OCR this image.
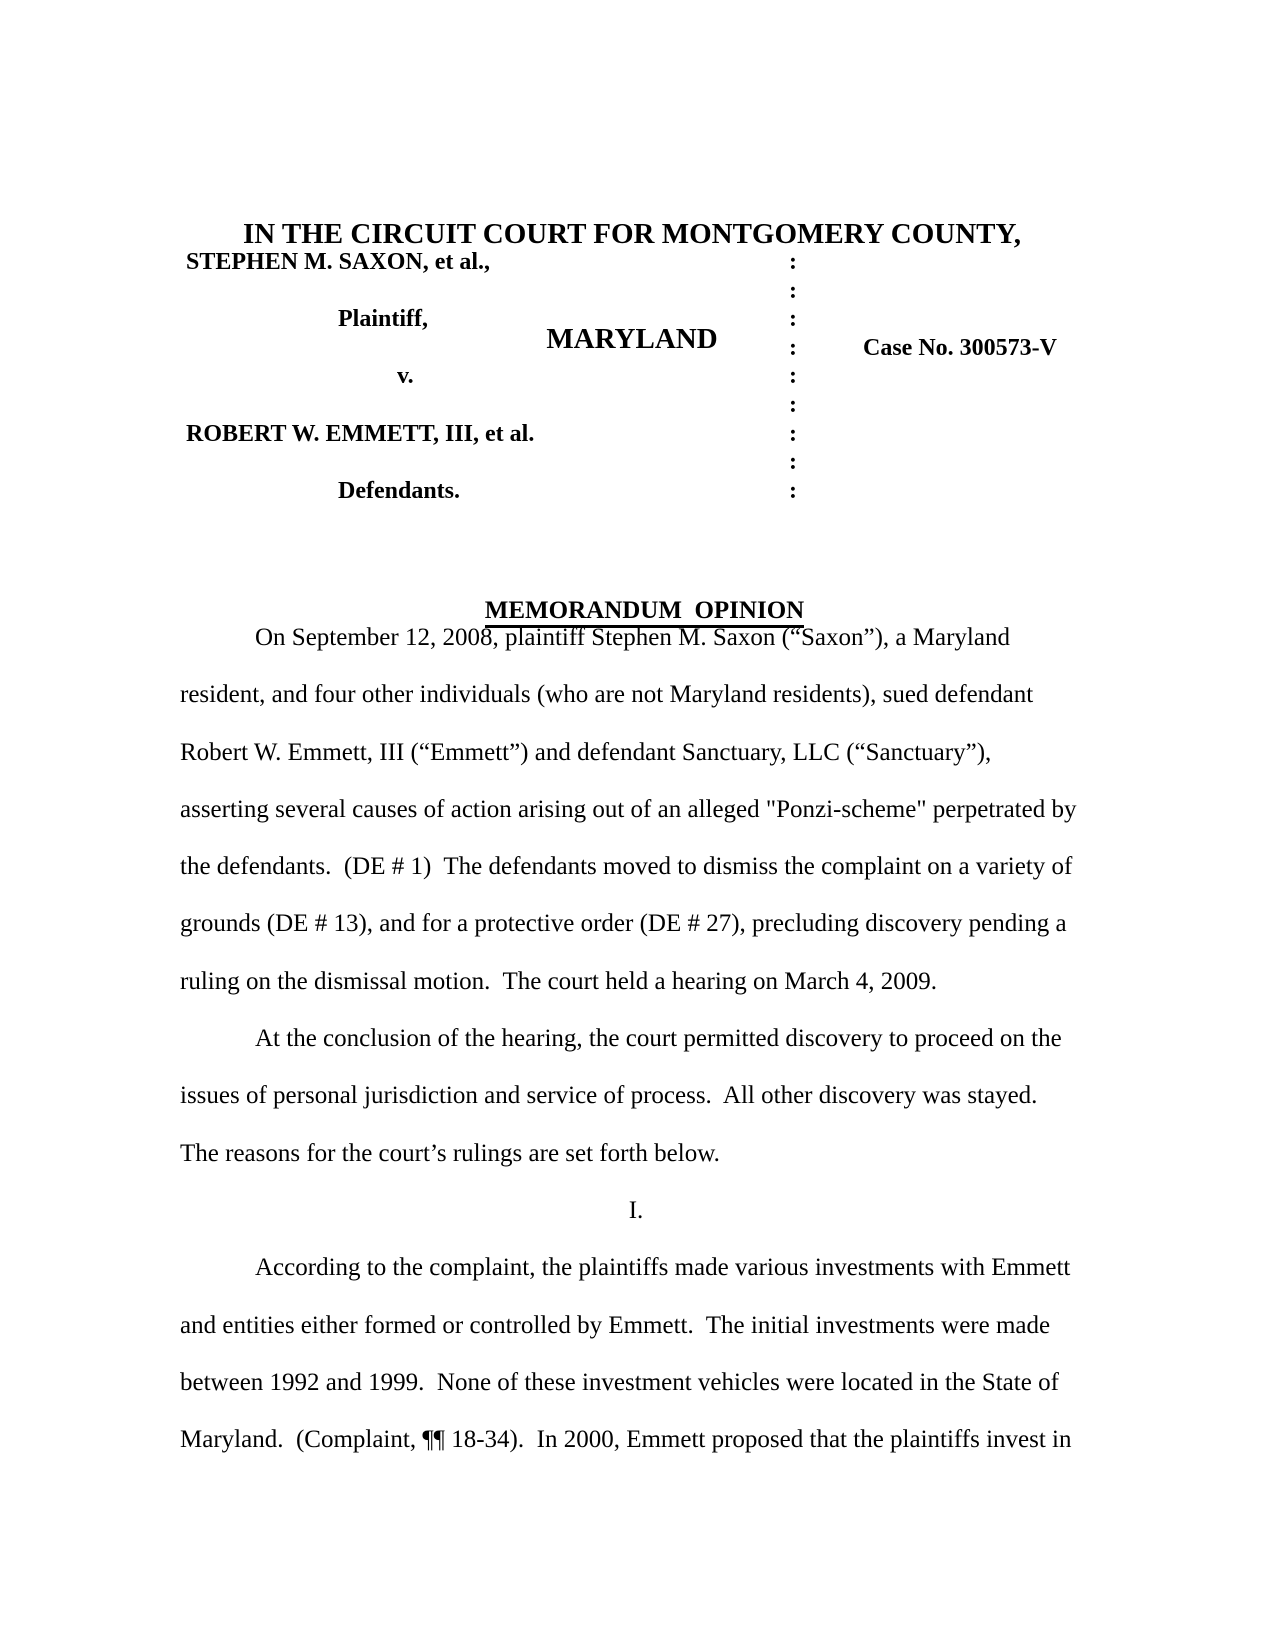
IN THE CIRCUIT COURT FOR MONTGOMERY COUNTY,

MARYLAND

STEPHEN M. SAXON, et al.,	:
:
Plaintiff,	:
:	Case No. 300573-V
v.	:
:
ROBERT W. EMMETT, III, et al.	:
:
Defendants.	:

MEMORANDUM  OPINION

On September 12, 2008, plaintiff Stephen M. Saxon (“Saxon”), a Maryland
resident, and four other individuals (who are not Maryland residents), sued defendant
Robert W. Emmett, III (“Emmett”) and defendant Sanctuary, LLC (“Sanctuary”),
asserting several causes of action arising out of an alleged "Ponzi-scheme" perpetrated by
the defendants.  (DE # 1)  The defendants moved to dismiss the complaint on a variety of
grounds (DE # 13), and for a protective order (DE # 27), precluding discovery pending a
ruling on the dismissal motion.  The court held a hearing on March 4, 2009.
At the conclusion of the hearing, the court permitted discovery to proceed on the
issues of personal jurisdiction and service of process.  All other discovery was stayed.
The reasons for the court’s rulings are set forth below.
I.
According to the complaint, the plaintiffs made various investments with Emmett
and entities either formed or controlled by Emmett.  The initial investments were made
between 1992 and 1999.  None of these investment vehicles were located in the State of
Maryland.  (Complaint, ¶¶ 18-34).  In 2000, Emmett proposed that the plaintiffs invest in
